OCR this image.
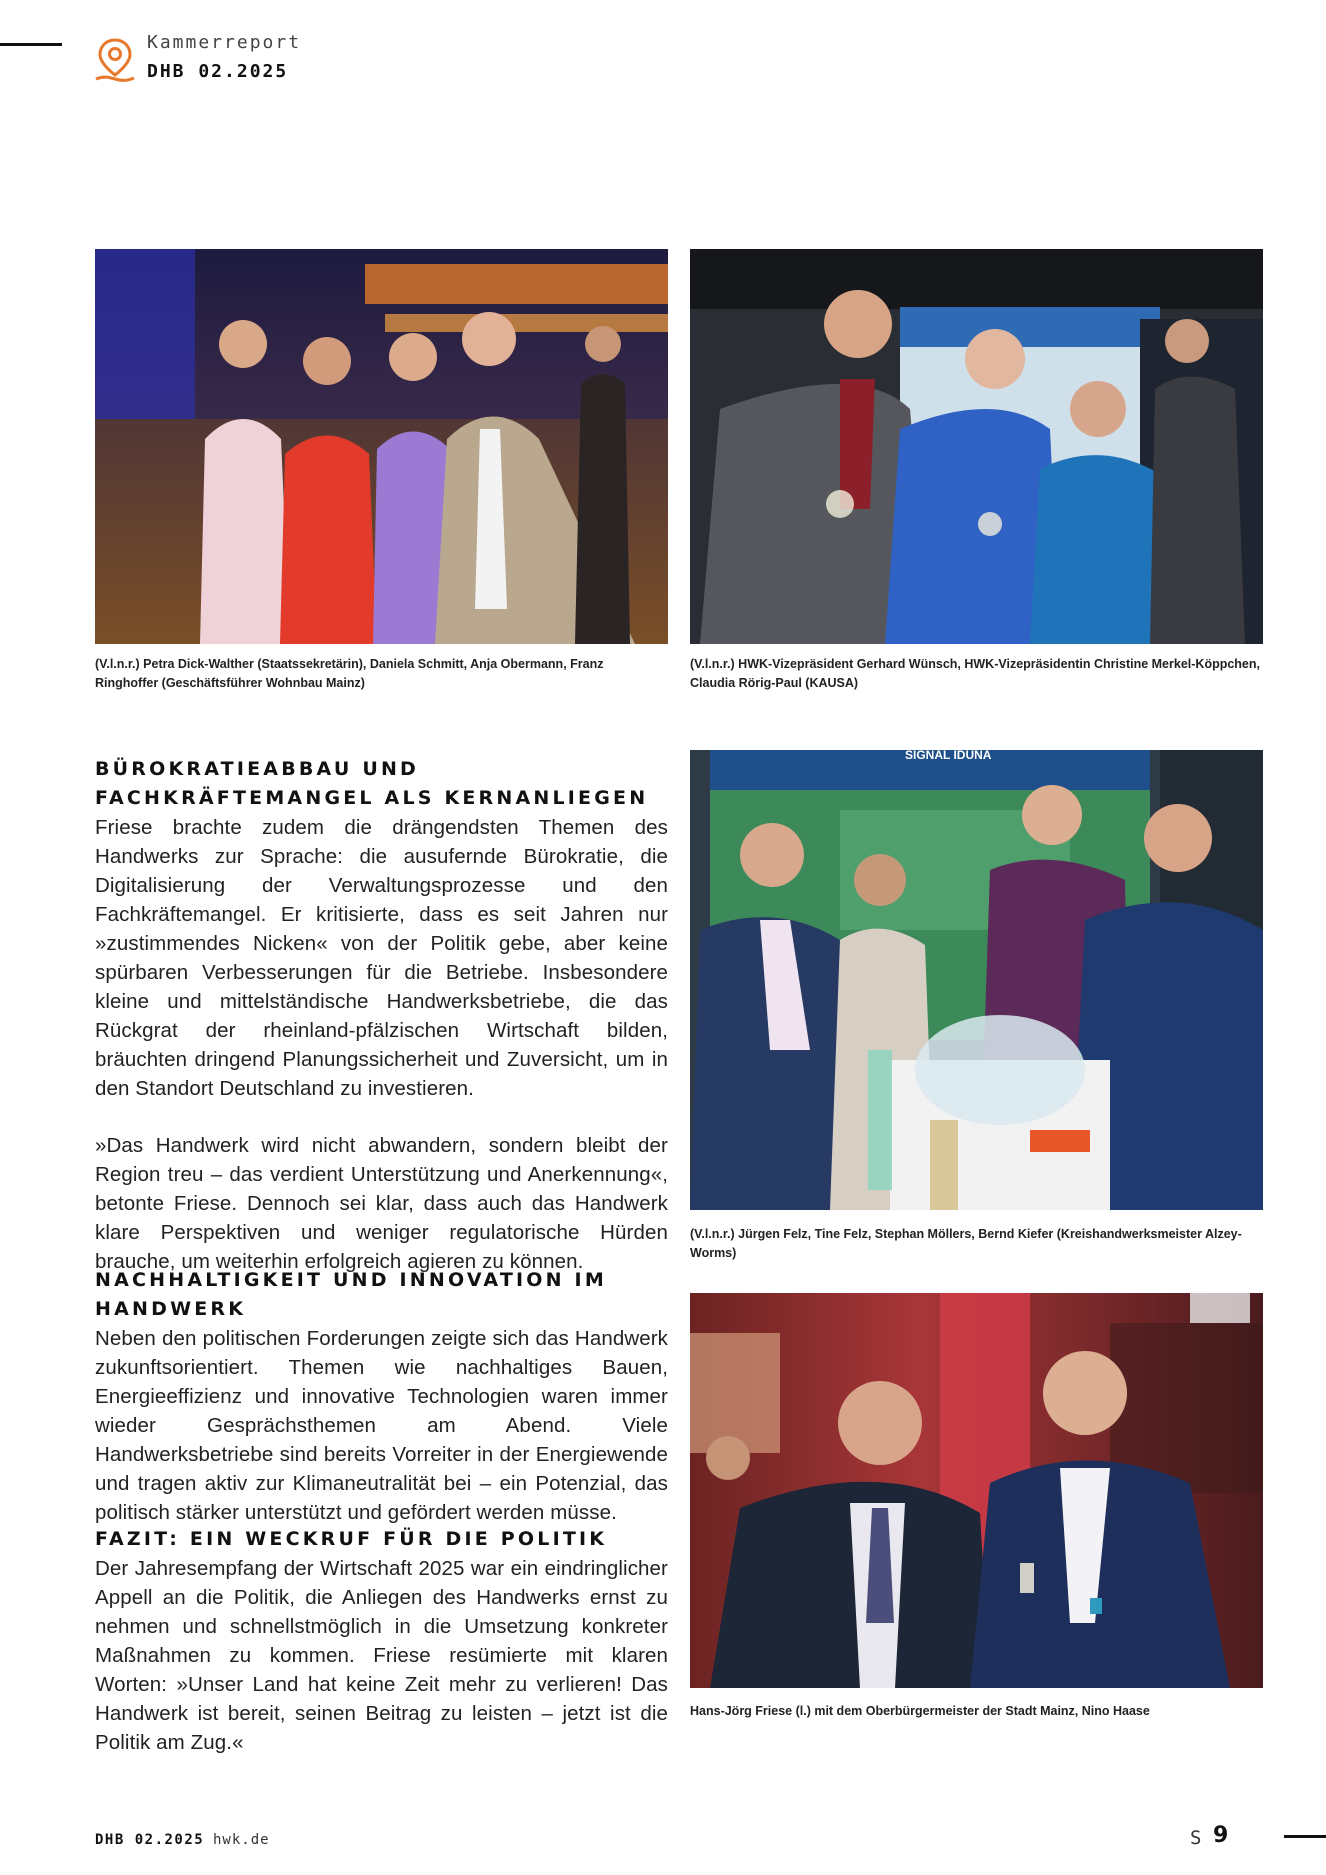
Kammerreport
DHB 02.2025
(V.l.n.r.) Petra Dick-Walther (Staatssekretärin), Daniela Schmitt, Anja Obermann, Franz Ringhoffer (Geschäftsführer Wohnbau Mainz)
(V.l.n.r.) HWK-Vizepräsident Gerhard Wünsch, HWK-Vizepräsidentin Christine Merkel-Köppchen, Claudia Rörig-Paul (KAUSA)
SIGNAL IDUNA
(V.l.n.r.) Jürgen Felz, Tine Felz, Stephan Möllers, Bernd Kiefer (Kreishandwerksmeister Alzey-Worms)
Hans-Jörg Friese (l.) mit dem Oberbürgermeister der Stadt Mainz, Nino Haase
BÜROKRATIEABBAU UND FACHKRÄFTEMANGEL ALS KERNANLIEGEN

Friese brachte zudem die drängendsten Themen des Handwerks zur Sprache: die ausufernde Bürokratie, die Digitalisierung der Verwaltungsprozesse und den Fachkräftemangel. Er kritisierte, dass es seit Jahren nur »zustimmendes Nicken« von der Politik gebe, aber keine spürbaren Verbesserungen für die Betriebe. Insbesondere kleine und mittelständische Handwerksbetriebe, die das Rückgrat der rheinland-pfälzischen Wirtschaft bilden, bräuchten dringend Planungssicherheit und Zuversicht, um in den Standort Deutschland zu investieren.

»Das Handwerk wird nicht abwandern, sondern bleibt der Region treu – das verdient Unterstützung und Anerkennung«, betonte Friese. Dennoch sei klar, dass auch das Handwerk klare Perspektiven und weniger regulatorische Hürden brauche, um weiterhin erfolgreich agieren zu können.

NACHHALTIGKEIT UND INNOVATION IM HANDWERK

Neben den politischen Forderungen zeigte sich das Handwerk zukunftsorientiert. Themen wie nachhaltiges Bauen, Energieeffizienz und innovative Technologien waren immer wieder Gesprächsthemen am Abend. Viele Handwerksbetriebe sind bereits Vorreiter in der Energiewende und tragen aktiv zur Klimaneutralität bei – ein Potenzial, das politisch stärker unterstützt und gefördert werden müsse.

FAZIT: EIN WECKRUF FÜR DIE POLITIK

Der Jahresempfang der Wirtschaft 2025 war ein eindringlicher Appell an die Politik, die Anliegen des Handwerks ernst zu nehmen und schnellstmöglich in die Umsetzung konkreter Maßnahmen zu kommen. Friese resümierte mit klaren Worten: »Unser Land hat keine Zeit mehr zu verlieren! Das Handwerk ist bereit, seinen Beitrag zu leisten – jetzt ist die Politik am Zug.«

DHB 02.2025 hwk.de	S 9
